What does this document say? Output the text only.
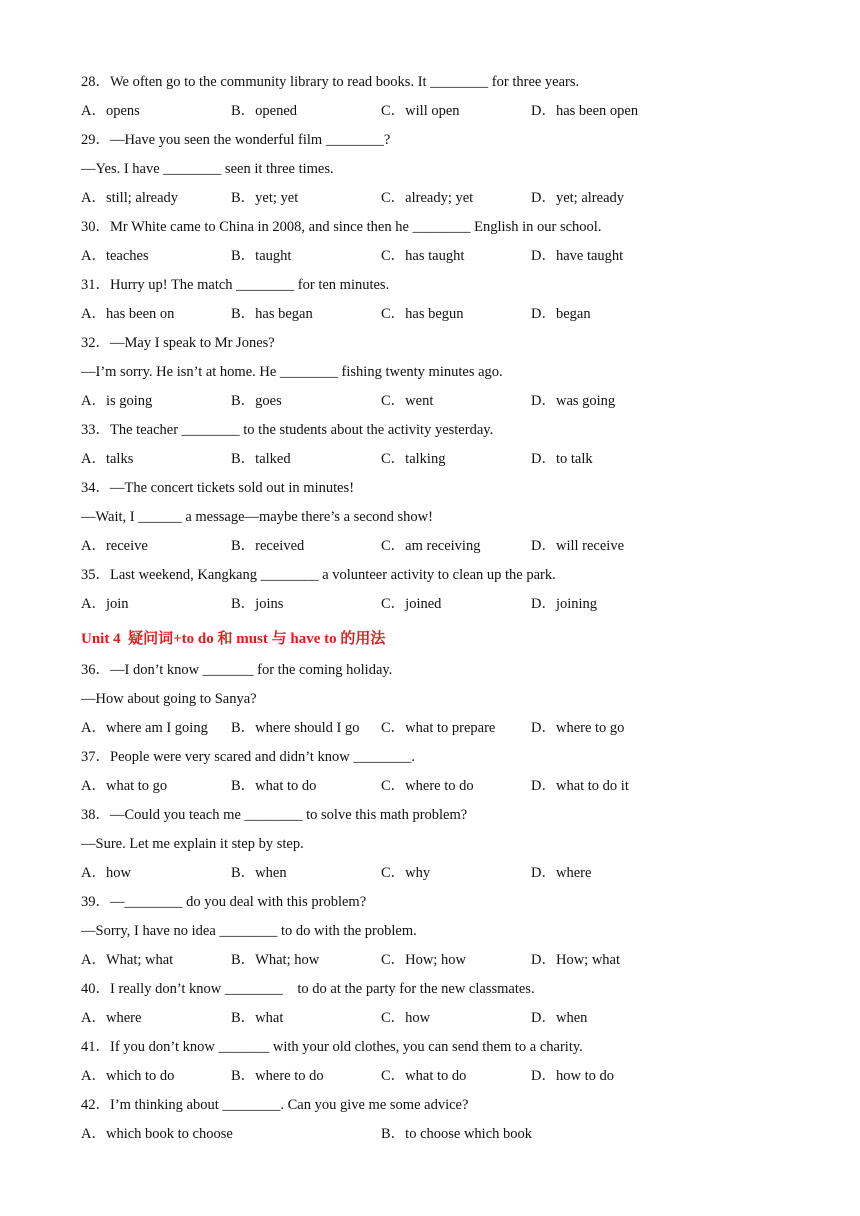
28．We often go to the community library to read books. It ________ for three years.
A．opens	B．opened	C．will open	D．has been open
29．—Have you seen the wonderful film ________?
—Yes. I have ________ seen it three times.
A．still; already	B．yet; yet	C．already; yet	D．yet; already
30．Mr White came to China in 2008, and since then he ________ English in our school.
A．teaches	B．taught	C．has taught	D．have taught
31．Hurry up! The match ________ for ten minutes.
A．has been on	B．has began	C．has begun	D．began
32．—May I speak to Mr Jones?
—I’m sorry. He isn’t at home. He ________ fishing twenty minutes ago.
A．is going	B．goes	C．went	D．was going
33．The teacher ________ to the students about the activity yesterday.
A．talks	B．talked	C．talking	D．to talk
34．—The concert tickets sold out in minutes!
—Wait, I ______ a message—maybe there’s a second show!
A．receive	B．received	C．am receiving	D．will receive
35．Last weekend, Kangkang ________ a volunteer activity to clean up the park.
A．join	B．joins	C．joined	D．joining
Unit 4  疑问词+to do 和 must 与 have to 的用法
36．—I don’t know _______ for the coming holiday.
—How about going to Sanya?
A．where am I going B．where should I go C．what to prepare D．where to go
37．People were very scared and didn’t know ________.
A．what to go	B．what to do	C．where to do	D．what to do it
38．—Could you teach me ________ to solve this math problem?
—Sure. Let me explain it step by step.
A．how	B．when	C．why	D．where
39．—________ do you deal with this problem?
—Sorry, I have no idea ________ to do with the problem.
A．What; what	B．What; how	C．How; how	D．How; what
40．I really don’t know ________    to do at the party for the new classmates.
A．where	B．what	C．how	D．when
41．If you don’t know _______ with your old clothes, you can send them to a charity.
A．which to do	B．where to do	C．what to do	D．how to do
42．I’m thinking about ________. Can you give me some advice?
A．which book to choose	B．to choose which book
